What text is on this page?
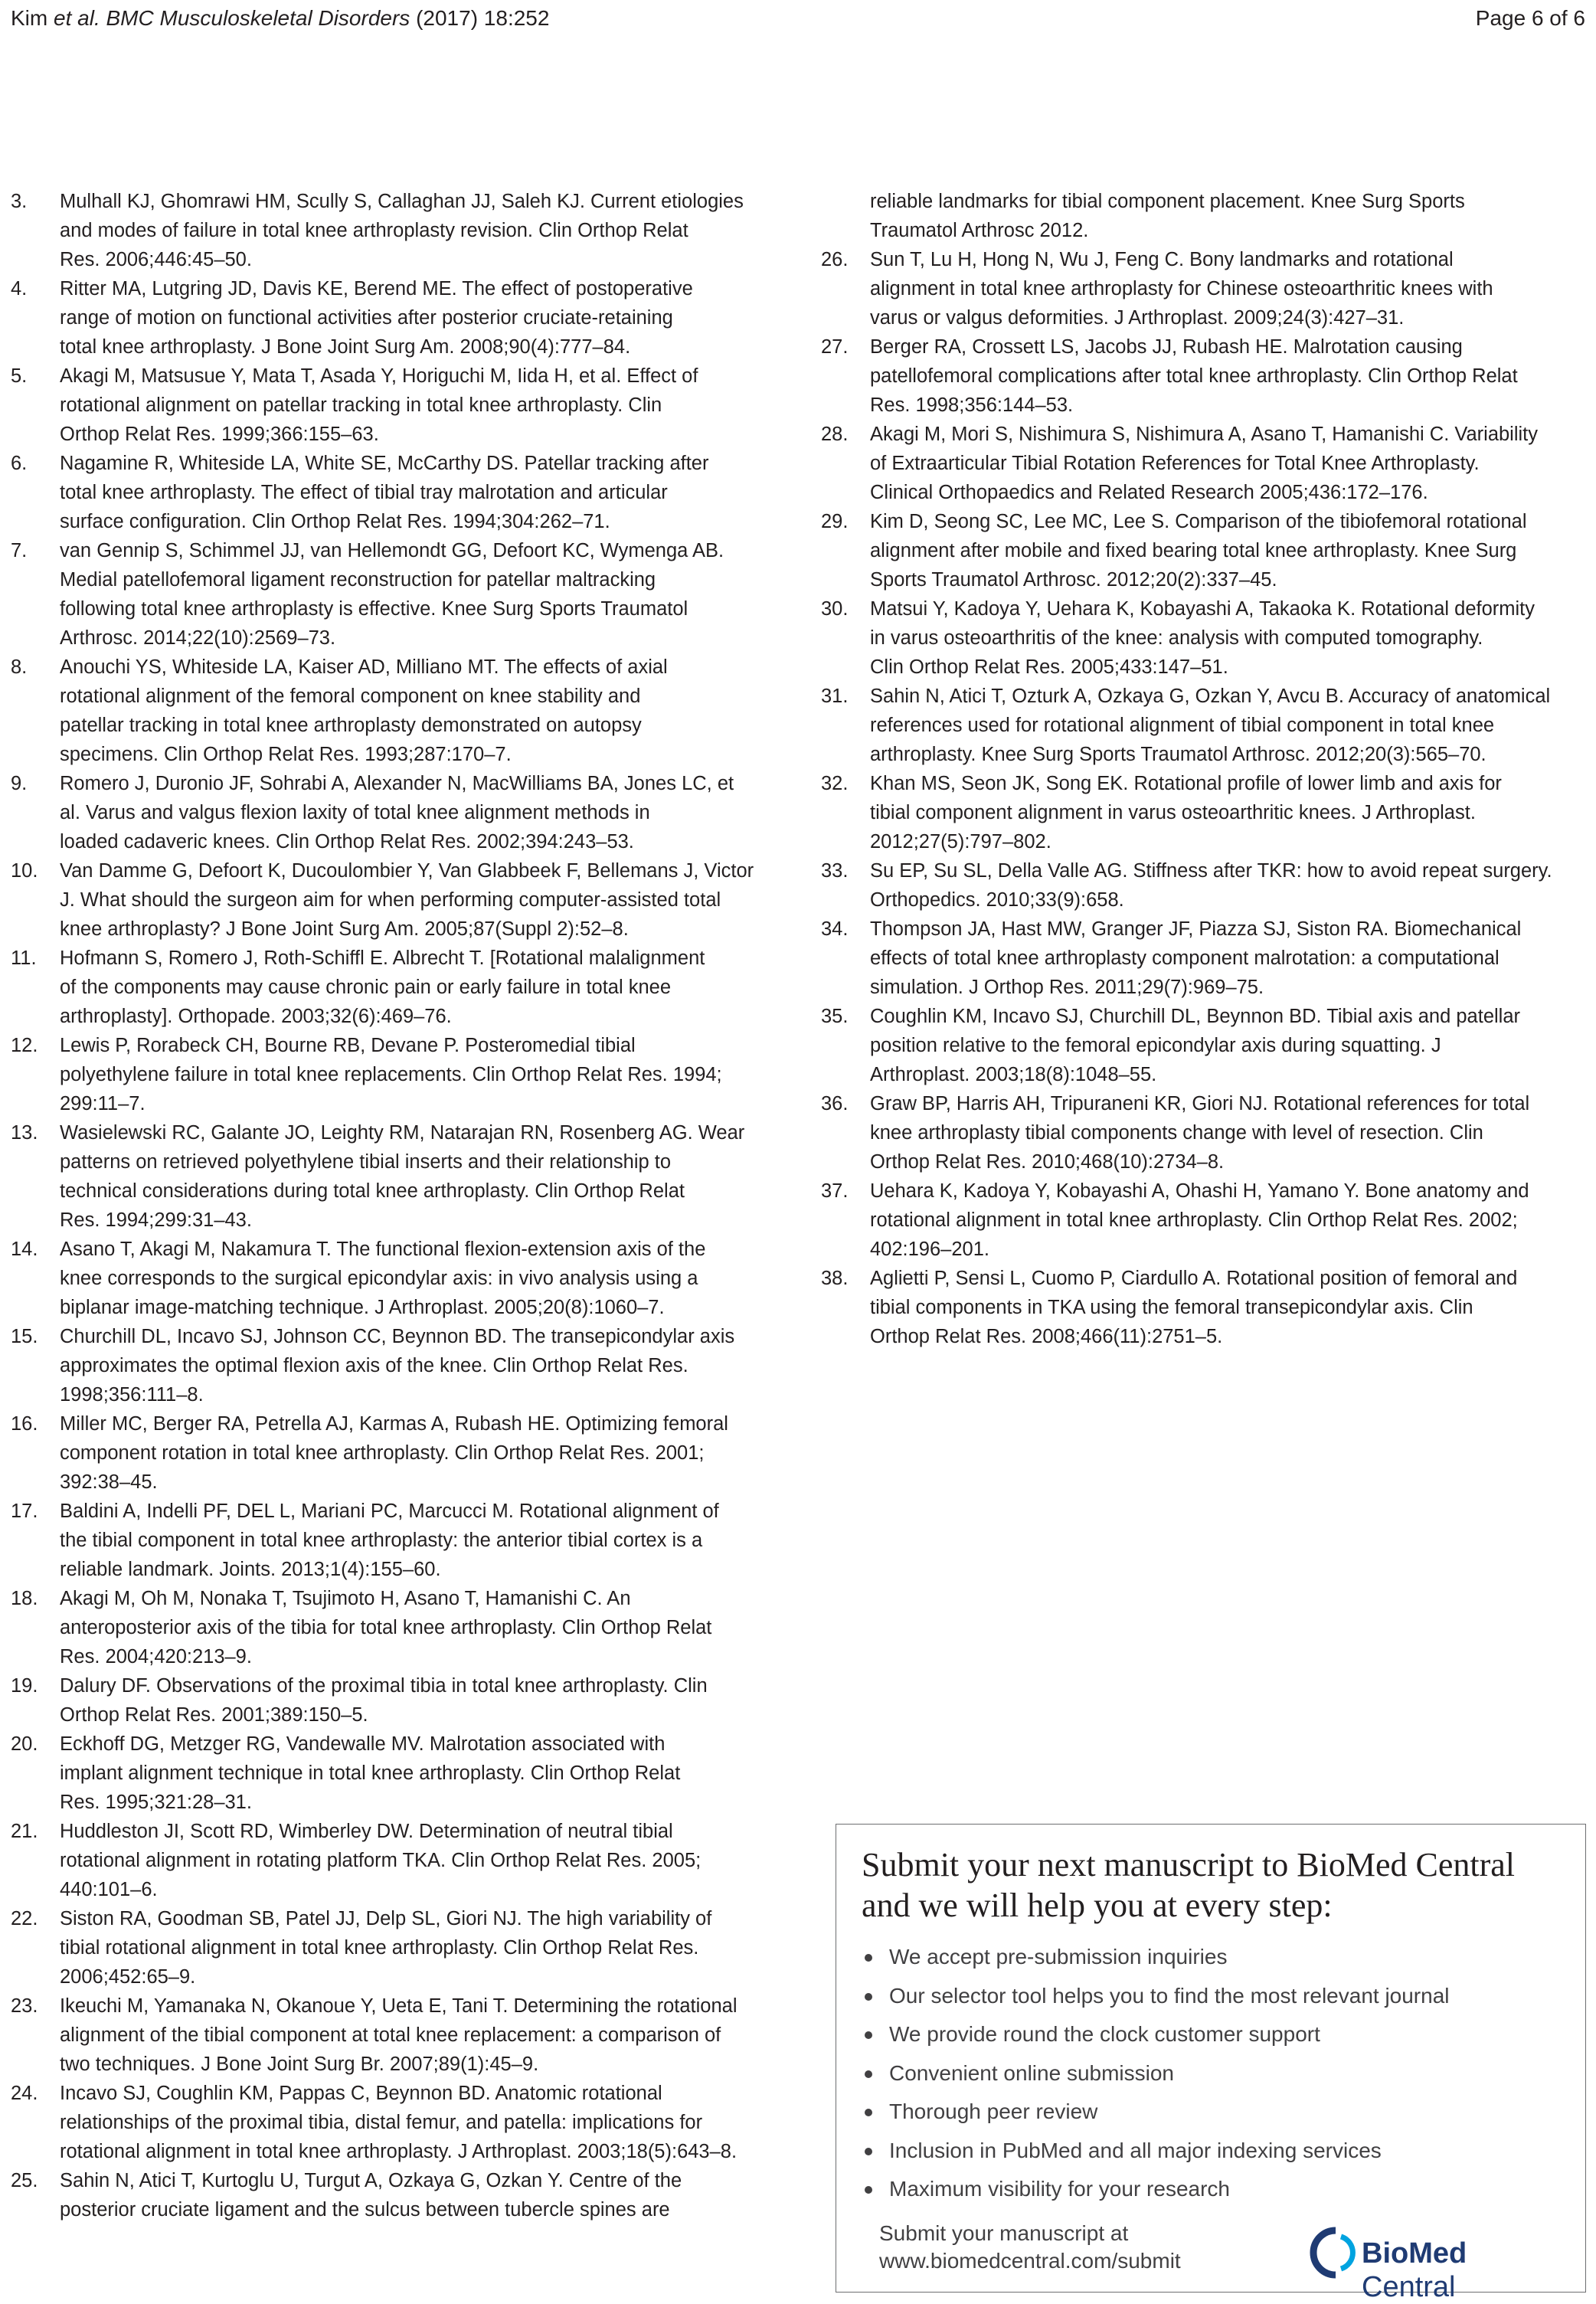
Kim et al. BMC Musculoskeletal Disorders (2017) 18:252	Page 6 of 6
3. Mulhall KJ, Ghomrawi HM, Scully S, Callaghan JJ, Saleh KJ. Current etiologies
and modes of failure in total knee arthroplasty revision. Clin Orthop Relat
Res. 2006;446:45–50.
4. Ritter MA, Lutgring JD, Davis KE, Berend ME. The effect of postoperative
range of motion on functional activities after posterior cruciate-retaining
total knee arthroplasty. J Bone Joint Surg Am. 2008;90(4):777–84.
5. Akagi M, Matsusue Y, Mata T, Asada Y, Horiguchi M, Iida H, et al. Effect of
rotational alignment on patellar tracking in total knee arthroplasty. Clin
Orthop Relat Res. 1999;366:155–63.
6. Nagamine R, Whiteside LA, White SE, McCarthy DS. Patellar tracking after
total knee arthroplasty. The effect of tibial tray malrotation and articular
surface configuration. Clin Orthop Relat Res. 1994;304:262–71.
7. van Gennip S, Schimmel JJ, van Hellemondt GG, Defoort KC, Wymenga AB.
Medial patellofemoral ligament reconstruction for patellar maltracking
following total knee arthroplasty is effective. Knee Surg Sports Traumatol
Arthrosc. 2014;22(10):2569–73.
8. Anouchi YS, Whiteside LA, Kaiser AD, Milliano MT. The effects of axial
rotational alignment of the femoral component on knee stability and
patellar tracking in total knee arthroplasty demonstrated on autopsy
specimens. Clin Orthop Relat Res. 1993;287:170–7.
9. Romero J, Duronio JF, Sohrabi A, Alexander N, MacWilliams BA, Jones LC, et
al. Varus and valgus flexion laxity of total knee alignment methods in
loaded cadaveric knees. Clin Orthop Relat Res. 2002;394:243–53.
10. Van Damme G, Defoort K, Ducoulombier Y, Van Glabbeek F, Bellemans J, Victor
J. What should the surgeon aim for when performing computer-assisted total
knee arthroplasty? J Bone Joint Surg Am. 2005;87(Suppl 2):52–8.
11. Hofmann S, Romero J, Roth-Schiffl E. Albrecht T. [Rotational malalignment
of the components may cause chronic pain or early failure in total knee
arthroplasty]. Orthopade. 2003;32(6):469–76.
12. Lewis P, Rorabeck CH, Bourne RB, Devane P. Posteromedial tibial
polyethylene failure in total knee replacements. Clin Orthop Relat Res. 1994;
299:11–7.
13. Wasielewski RC, Galante JO, Leighty RM, Natarajan RN, Rosenberg AG. Wear
patterns on retrieved polyethylene tibial inserts and their relationship to
technical considerations during total knee arthroplasty. Clin Orthop Relat
Res. 1994;299:31–43.
14. Asano T, Akagi M, Nakamura T. The functional flexion-extension axis of the
knee corresponds to the surgical epicondylar axis: in vivo analysis using a
biplanar image-matching technique. J Arthroplast. 2005;20(8):1060–7.
15. Churchill DL, Incavo SJ, Johnson CC, Beynnon BD. The transepicondylar axis
approximates the optimal flexion axis of the knee. Clin Orthop Relat Res.
1998;356:111–8.
16. Miller MC, Berger RA, Petrella AJ, Karmas A, Rubash HE. Optimizing femoral
component rotation in total knee arthroplasty. Clin Orthop Relat Res. 2001;
392:38–45.
17. Baldini A, Indelli PF, DEL L, Mariani PC, Marcucci M. Rotational alignment of
the tibial component in total knee arthroplasty: the anterior tibial cortex is a
reliable landmark. Joints. 2013;1(4):155–60.
18. Akagi M, Oh M, Nonaka T, Tsujimoto H, Asano T, Hamanishi C. An
anteroposterior axis of the tibia for total knee arthroplasty. Clin Orthop Relat
Res. 2004;420:213–9.
19. Dalury DF. Observations of the proximal tibia in total knee arthroplasty. Clin
Orthop Relat Res. 2001;389:150–5.
20. Eckhoff DG, Metzger RG, Vandewalle MV. Malrotation associated with
implant alignment technique in total knee arthroplasty. Clin Orthop Relat
Res. 1995;321:28–31.
21. Huddleston JI, Scott RD, Wimberley DW. Determination of neutral tibial
rotational alignment in rotating platform TKA. Clin Orthop Relat Res. 2005;
440:101–6.
22. Siston RA, Goodman SB, Patel JJ, Delp SL, Giori NJ. The high variability of
tibial rotational alignment in total knee arthroplasty. Clin Orthop Relat Res.
2006;452:65–9.
23. Ikeuchi M, Yamanaka N, Okanoue Y, Ueta E, Tani T. Determining the rotational
alignment of the tibial component at total knee replacement: a comparison of
two techniques. J Bone Joint Surg Br. 2007;89(1):45–9.
24. Incavo SJ, Coughlin KM, Pappas C, Beynnon BD. Anatomic rotational
relationships of the proximal tibia, distal femur, and patella: implications for
rotational alignment in total knee arthroplasty. J Arthroplast. 2003;18(5):643–8.
25. Sahin N, Atici T, Kurtoglu U, Turgut A, Ozkaya G, Ozkan Y. Centre of the
posterior cruciate ligament and the sulcus between tubercle spines are
reliable landmarks for tibial component placement. Knee Surg Sports
Traumatol Arthrosc 2012.
26. Sun T, Lu H, Hong N, Wu J, Feng C. Bony landmarks and rotational
alignment in total knee arthroplasty for Chinese osteoarthritic knees with
varus or valgus deformities. J Arthroplast. 2009;24(3):427–31.
27. Berger RA, Crossett LS, Jacobs JJ, Rubash HE. Malrotation causing
patellofemoral complications after total knee arthroplasty. Clin Orthop Relat
Res. 1998;356:144–53.
28. Akagi M, Mori S, Nishimura S, Nishimura A, Asano T, Hamanishi C. Variability
of Extraarticular Tibial Rotation References for Total Knee Arthroplasty.
Clinical Orthopaedics and Related Research 2005;436:172–176.
29. Kim D, Seong SC, Lee MC, Lee S. Comparison of the tibiofemoral rotational
alignment after mobile and fixed bearing total knee arthroplasty. Knee Surg
Sports Traumatol Arthrosc. 2012;20(2):337–45.
30. Matsui Y, Kadoya Y, Uehara K, Kobayashi A, Takaoka K. Rotational deformity
in varus osteoarthritis of the knee: analysis with computed tomography.
Clin Orthop Relat Res. 2005;433:147–51.
31. Sahin N, Atici T, Ozturk A, Ozkaya G, Ozkan Y, Avcu B. Accuracy of anatomical
references used for rotational alignment of tibial component in total knee
arthroplasty. Knee Surg Sports Traumatol Arthrosc. 2012;20(3):565–70.
32. Khan MS, Seon JK, Song EK. Rotational profile of lower limb and axis for
tibial component alignment in varus osteoarthritic knees. J Arthroplast.
2012;27(5):797–802.
33. Su EP, Su SL, Della Valle AG. Stiffness after TKR: how to avoid repeat surgery.
Orthopedics. 2010;33(9):658.
34. Thompson JA, Hast MW, Granger JF, Piazza SJ, Siston RA. Biomechanical
effects of total knee arthroplasty component malrotation: a computational
simulation. J Orthop Res. 2011;29(7):969–75.
35. Coughlin KM, Incavo SJ, Churchill DL, Beynnon BD. Tibial axis and patellar
position relative to the femoral epicondylar axis during squatting. J
Arthroplast. 2003;18(8):1048–55.
36. Graw BP, Harris AH, Tripuraneni KR, Giori NJ. Rotational references for total
knee arthroplasty tibial components change with level of resection. Clin
Orthop Relat Res. 2010;468(10):2734–8.
37. Uehara K, Kadoya Y, Kobayashi A, Ohashi H, Yamano Y. Bone anatomy and
rotational alignment in total knee arthroplasty. Clin Orthop Relat Res. 2002;
402:196–201.
38. Aglietti P, Sensi L, Cuomo P, Ciardullo A. Rotational position of femoral and
tibial components in TKA using the femoral transepicondylar axis. Clin
Orthop Relat Res. 2008;466(11):2751–5.
Submit your next manuscript to BioMed Central
and we will help you at every step:
We accept pre-submission inquiries
Our selector tool helps you to find the most relevant journal
We provide round the clock customer support
Convenient online submission
Thorough peer review
Inclusion in PubMed and all major indexing services
Maximum visibility for your research
Submit your manuscript at
www.biomedcentral.com/submit	BioMed Central
